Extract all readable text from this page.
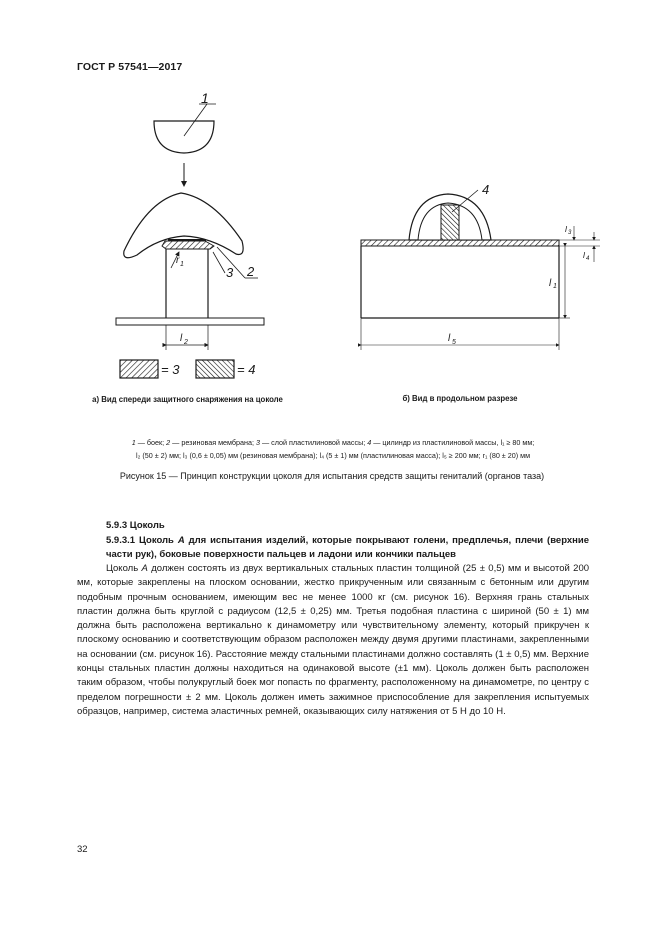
ГОСТ Р 57541—2017
1
r 1
3 2
l 2
= 3	= 4
4
l 3
l 4
l 1
l 5
а) Вид спереди защитного снаряжения на цоколе	б) Вид в продольном разрезе
1 — боек; 2 — резиновая мембрана; 3 — слой пластилиновой массы; 4 — цилиндр из пластилиновой массы, l₁ ≥ 80 мм;
l₂ (50 ± 2) мм; l₃ (0,6 ± 0,05) мм (резиновая мембрана); l₄ (5 ± 1) мм (пластилиновая масса); l₅ ≥ 200 мм; r₁ (80 ± 20) мм
Рисунок 15 — Принцип конструкции цоколя для испытания средств защиты гениталий (органов таза)
5.9.3 Цоколь
5.9.3.1 Цоколь А для испытания изделий, которые покрывают голени, предплечья, плечи (верхние части рук), боковые поверхности пальцев и ладони или кончики пальцев

Цоколь А должен состоять из двух вертикальных стальных пластин толщиной (25 ± 0,5) мм и высотой 200 мм, которые закреплены на плоском основании, жестко прикрученным или связанным с бетонным или другим подобным прочным основанием, имеющим вес не менее 1000 кг (см. рисунок 16). Верхняя грань стальных пластин должна быть круглой с радиусом (12,5 ± 0,25) мм. Третья подобная пластина с шириной (50 ± 1) мм должна быть расположена вертикально к динамометру или чувствительному элементу, который прикручен к плоскому основанию и соответствующим образом расположен между двумя другими пластинами, закрепленными на основании (см. рисунок 16). Расстояние между стальными пластинами должно составлять (1 ± 0,5) мм. Верхние концы стальных пластин должны находиться на одинаковой высоте (±1 мм). Цоколь должен быть расположен таким образом, чтобы полукруглый боек мог попасть по фрагменту, расположенному на динамометре, по центру с пределом погрешности ± 2 мм. Цоколь должен иметь зажимное приспособление для закрепления испытуемых образцов, например, система эластичных ремней, оказывающих силу натяжения от 5 Н до 10 Н.

32
